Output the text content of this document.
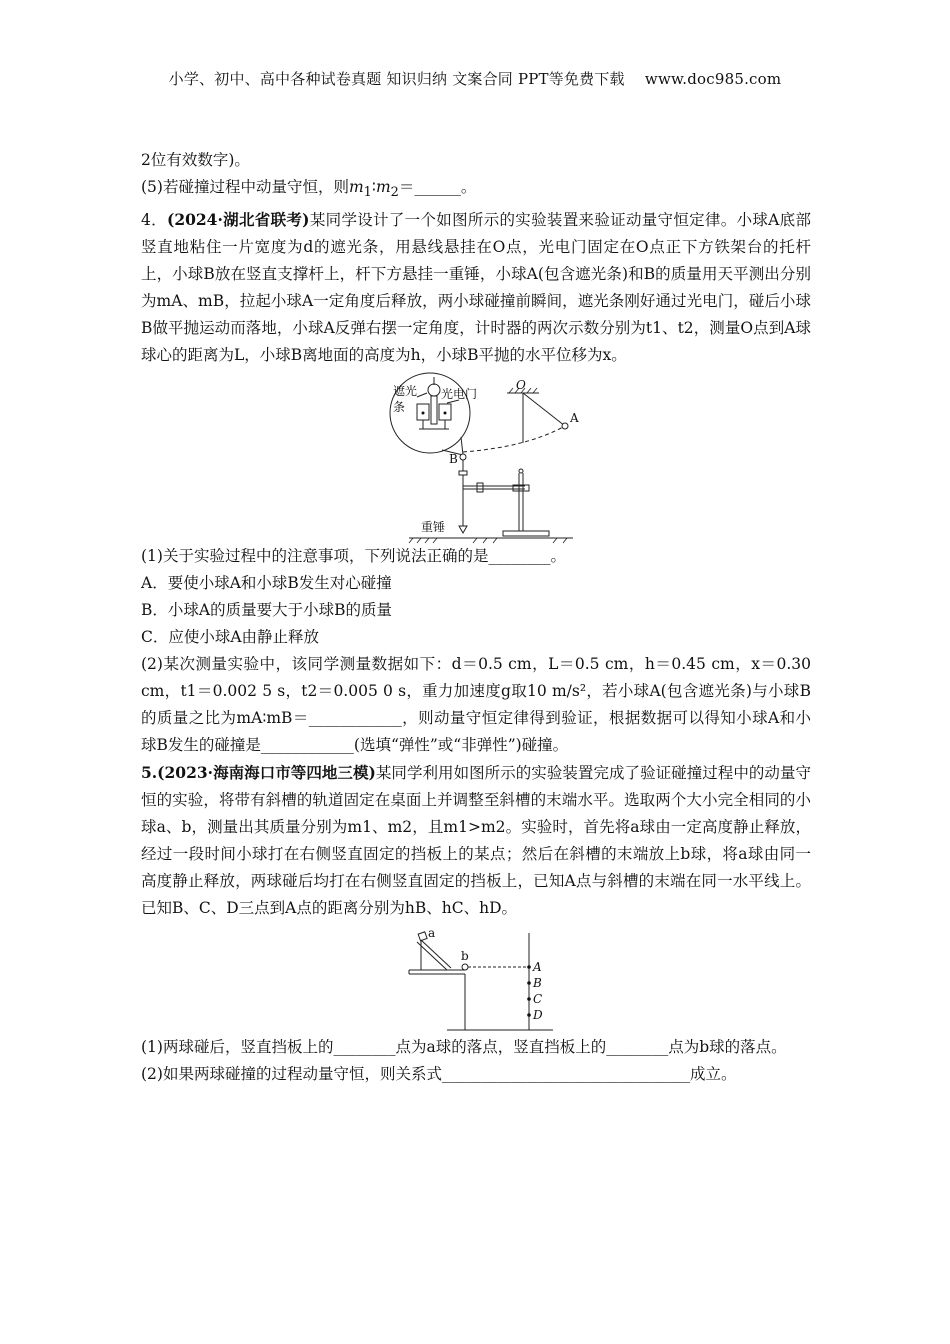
小学、初中、高中各种试卷真题 知识归纳 文案合同 PPT等免费下载　 www.doc985.com

2位有效数字)。

(5)若碰撞过程中动量守恒，则$m_1∶m_2=\_\_\_\_\_\_$。

4．(2024·湖北省联考)某同学设计了一个如图所示的实验装置来验证动量守恒定律。小球A底部竖直地粘住一片宽度为d的遮光条，用悬线悬挂在O点，光电门固定在O点正下方铁架台的托杆上，小球B放在竖直支撑杆上，杆下方悬挂一重锤，小球A(包含遮光条)和B的质量用天平测出分别为mA、mB，拉起小球A一定角度后释放，两小球碰撞前瞬间，遮光条刚好通过光电门，碰后小球B做平抛运动而落地，小球A反弹右摆一定角度，计时器的两次示数分别为t1、t2，测量O点到A球球心的距离为L，小球B离地面的高度为h，小球B平抛的水平位移为x。

遮光
条
光电门
O
A
B
重锤

(1)关于实验过程中的注意事项，下列说法正确的是________。

A．要使小球A和小球B发生对心碰撞

B．小球A的质量要大于小球B的质量

C．应使小球A由静止释放

(2)某次测量实验中，该同学测量数据如下：d＝0.5 cm，L＝0.5 cm，h＝0.45 cm，x＝0.30 cm，t1＝0.002 5 s，t2＝0.005 0 s，重力加速度g取10 m/s²，若小球A(包含遮光条)与小球B的质量之比为mA∶mB＝____________，则动量守恒定律得到验证，根据数据可以得知小球A和小球B发生的碰撞是____________(选填“弹性”或“非弹性”)碰撞。

5.(2023·海南海口市等四地三模)某同学利用如图所示的实验装置完成了验证碰撞过程中的动量守恒的实验，将带有斜槽的轨道固定在桌面上并调整至斜槽的末端水平。选取两个大小完全相同的小球a、b，测量出其质量分别为m1、m2，且m1>m2。实验时，首先将a球由一定高度静止释放，经过一段时间小球打在右侧竖直固定的挡板上的某点；然后在斜槽的末端放上b球，将a球由同一高度静止释放，两球碰后均打在右侧竖直固定的挡板上，已知A点与斜槽的末端在同一水平线上。已知B、C、D三点到A点的距离分别为hB、hC、hD。

a
b
A
B
C
D

(1)两球碰后，竖直挡板上的________点为a球的落点，竖直挡板上的________点为b球的落点。

(2)如果两球碰撞的过程动量守恒，则关系式________________________________成立。
